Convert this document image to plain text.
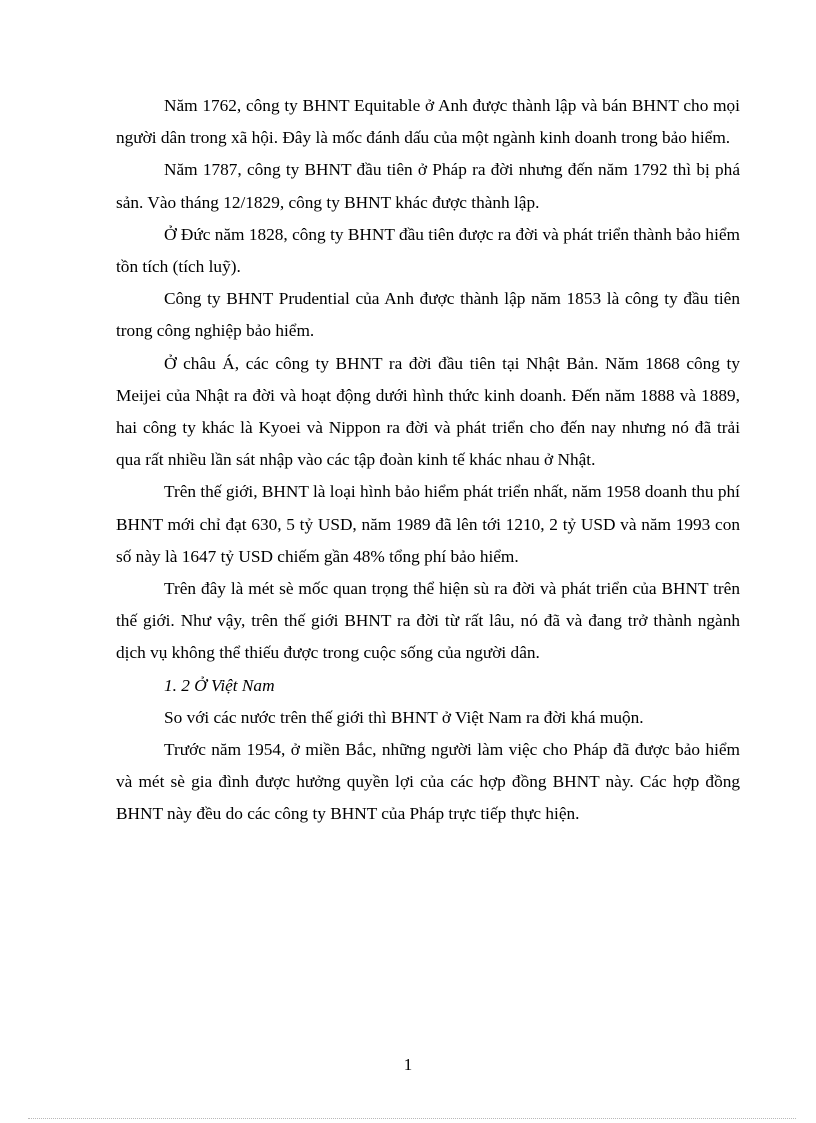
Năm 1762, công ty BHNT Equitable ở Anh được thành lập và bán BHNT cho mọi người dân trong xã hội. Đây là mốc đánh dấu của một ngành kinh doanh trong bảo hiểm.

Năm 1787, công ty BHNT đầu tiên ở Pháp ra đời nhưng đến năm 1792 thì bị phá sản. Vào tháng 12/1829, công ty BHNT khác được thành lập.

Ở Đức năm 1828, công ty BHNT đầu tiên được ra đời và phát triển thành bảo hiểm tồn tích (tích luỹ).

Công ty BHNT Prudential của Anh được thành lập năm 1853 là công ty đầu tiên trong công nghiệp bảo hiểm.

Ở châu Á, các công ty BHNT ra đời đầu tiên tại Nhật Bản. Năm 1868 công ty Meijei của Nhật ra đời và hoạt động dưới hình thức kinh doanh. Đến năm 1888 và 1889, hai công ty khác là Kyoei và Nippon ra đời và phát triển cho đến nay nhưng nó đã trải qua rất nhiều lần sát nhập vào các tập đoàn kinh tế khác nhau ở Nhật.

Trên thế giới, BHNT là loại hình bảo hiểm phát triển nhất, năm 1958 doanh thu phí BHNT mới chỉ đạt 630, 5 tỷ USD, năm 1989 đã lên tới 1210, 2 tỷ USD và năm 1993 con số này là 1647 tỷ USD chiếm gần 48% tổng phí bảo hiểm.

Trên đây là mét sè mốc quan trọng thể hiện sù ra đời và phát triển của BHNT trên thế giới. Như vậy, trên thế giới BHNT ra đời từ rất lâu, nó đã và đang trở thành ngành dịch vụ không thể thiếu được trong cuộc sống của người dân.

1. 2 Ở Việt Nam

So với các nước trên thế giới thì BHNT ở Việt Nam ra đời khá muộn.

Trước năm 1954, ở miền Bắc, những người làm việc cho Pháp đã được bảo hiểm và mét sè gia đình được hưởng quyền lợi của các hợp đồng BHNT này. Các hợp đồng BHNT này đều do các công ty BHNT của Pháp trực tiếp thực hiện.

1
